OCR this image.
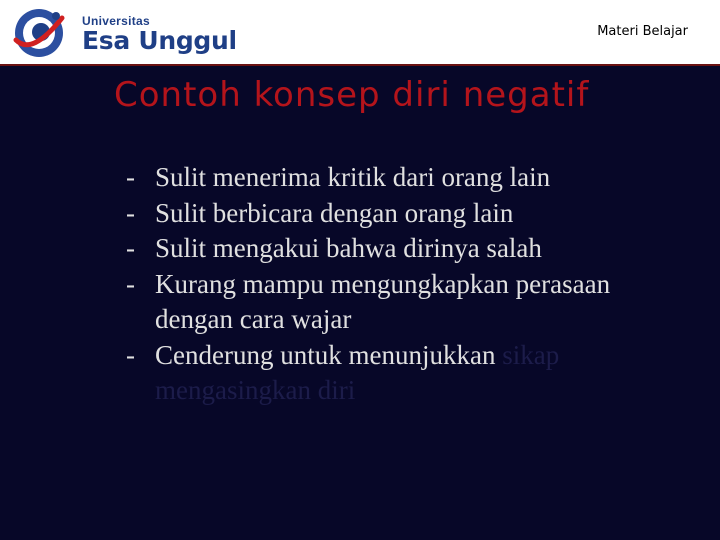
Universitas
Esa Unggul	Materi Belajar
Contoh konsep diri negatif
- Sulit menerima kritik dari orang lain
- Sulit berbicara dengan orang lain
- Sulit mengakui bahwa dirinya salah
- Kurang mampu mengungkapkan perasaan dengan cara wajar
- Cenderung untuk menunjukkan sikap mengasingkan diri
